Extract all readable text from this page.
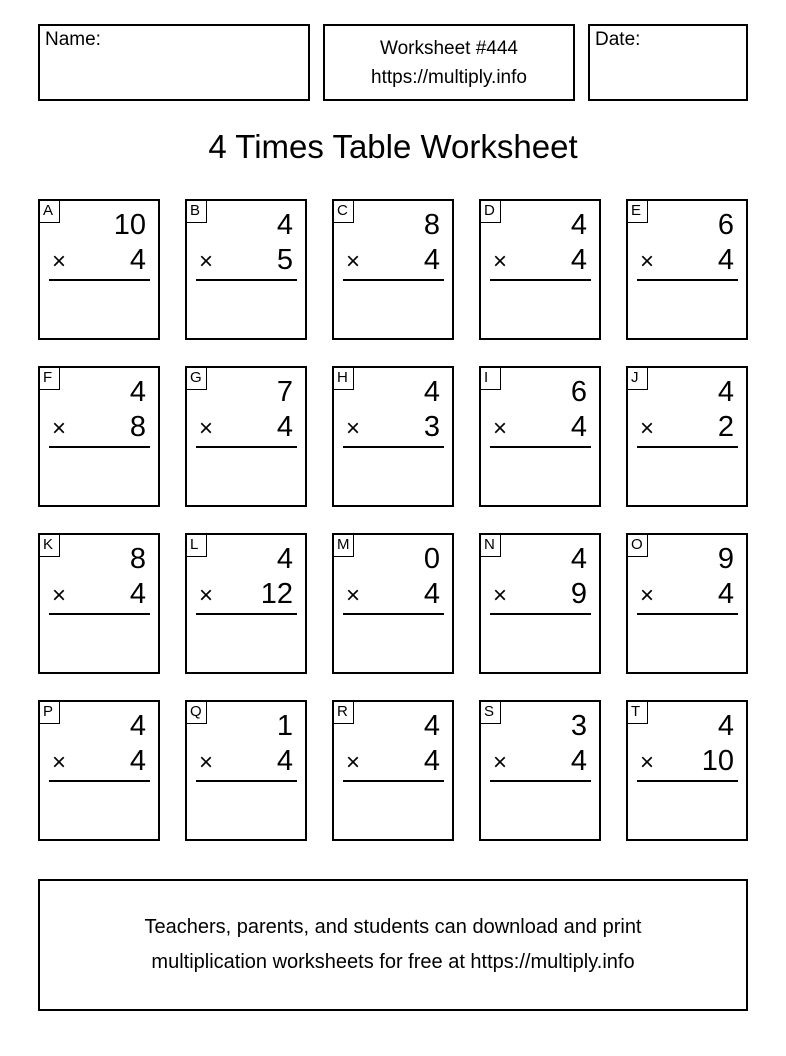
Name:	Worksheet #444
https://multiply.info
Date:
4 Times Table Worksheet
A 10
× 4
B	4
× 5
C	8
× 4
D	4
× 4
E	6
× 4
F	4
× 8
G	7
× 4
H	4
× 3
I	6
× 4
J	4
× 2
K	8
× 4
L	4
× 12
M	0
× 4
N	4
× 9
O	9
× 4
P	4
× 4
Q	1
× 4
R	4
× 4
S	3
× 4
T	4
× 10
Teachers, parents, and students can download and print
multiplication worksheets for free at https://multiply.info
